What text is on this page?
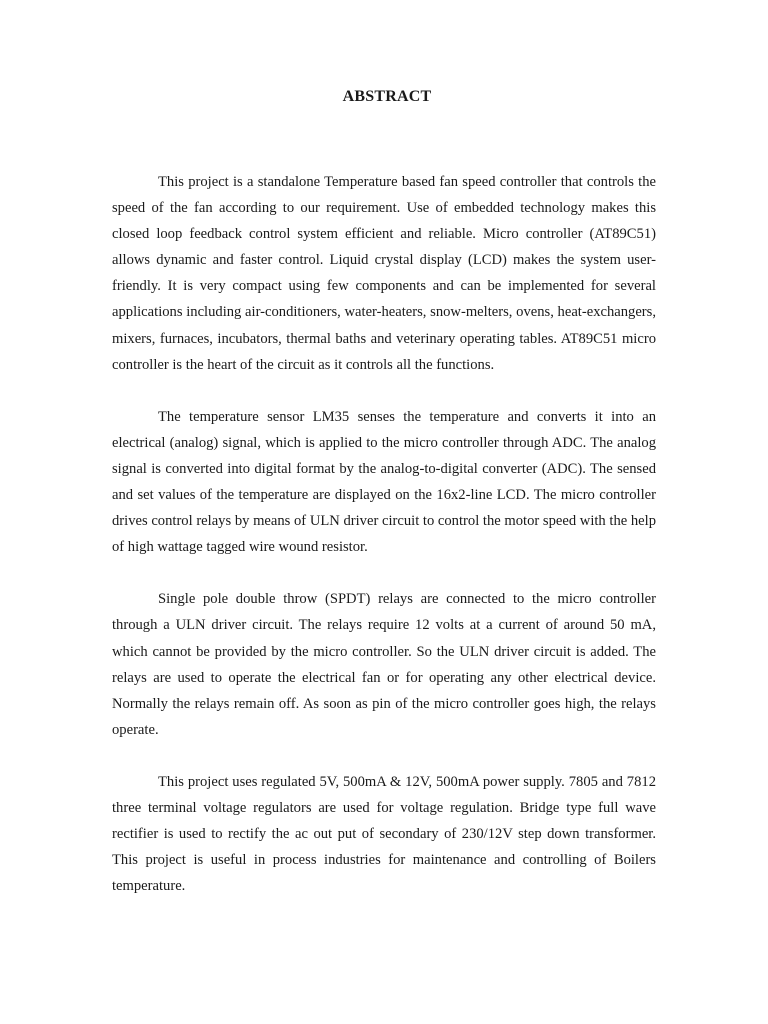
ABSTRACT

This project is a standalone Temperature based fan speed controller that controls the speed of the fan according to our requirement. Use of embedded technology makes this closed loop feedback control system efficient and reliable. Micro controller (AT89C51) allows dynamic and faster control. Liquid crystal display (LCD) makes the system user-friendly. It is very compact using few components and can be implemented for several applications including air-conditioners, water-heaters, snow-melters, ovens, heat-exchangers, mixers, furnaces, incubators, thermal baths and veterinary operating tables. AT89C51 micro controller is the heart of the circuit as it controls all the functions.

The temperature sensor LM35 senses the temperature and converts it into an electrical (analog) signal, which is applied to the micro controller through ADC. The analog signal is converted into digital format by the analog-to-digital converter (ADC). The sensed and set values of the temperature are displayed on the 16x2-line LCD. The micro controller drives control relays by means of ULN driver circuit to control the motor speed with the help of high wattage tagged wire wound resistor.

Single pole double throw (SPDT) relays are connected to the micro controller through a ULN driver circuit. The relays require 12 volts at a current of around 50 mA, which cannot be provided by the micro controller. So the ULN driver circuit is added. The relays are used to operate the electrical fan or for operating any other electrical device. Normally the relays remain off. As soon as pin of the micro controller goes high, the relays operate.

This project uses regulated 5V, 500mA & 12V, 500mA power supply. 7805 and 7812 three terminal voltage regulators are used for voltage regulation. Bridge type full wave rectifier is used to rectify the ac out put of secondary of 230/12V step down transformer. This project is useful in process industries for maintenance and controlling of Boilers temperature.
